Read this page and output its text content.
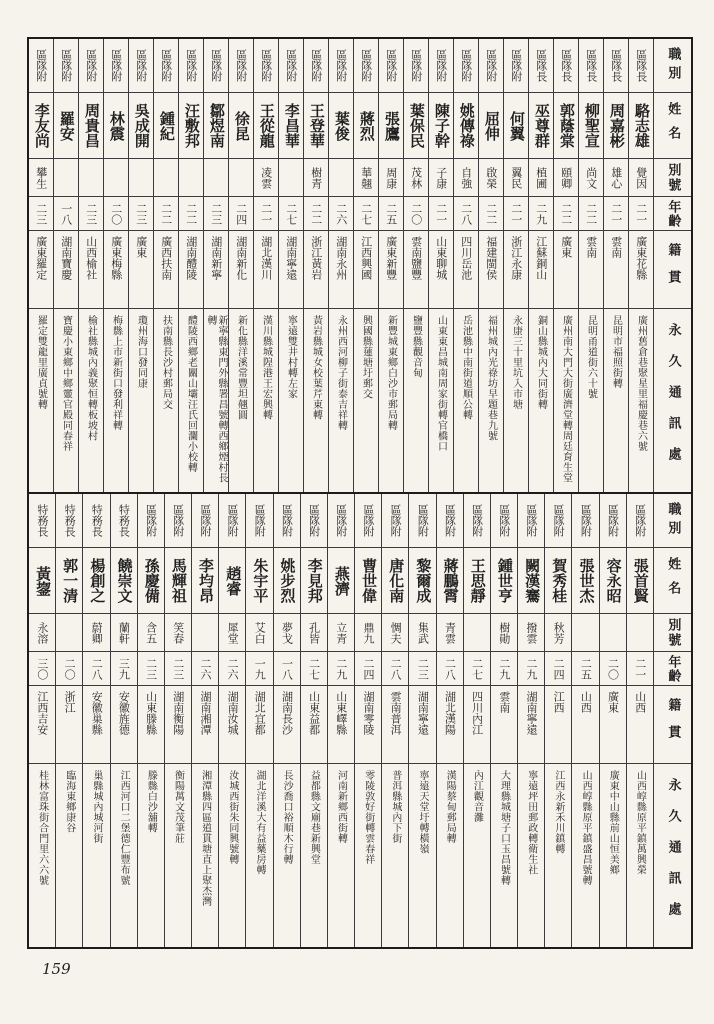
職別
姓名
別號
年齡
籍貫
永久通訊處
區隊長
駱志雄
覺因
二一
廣東花縣
廣州舊倉巷聚星里福慶巷六號
區隊長
周嘉彬
雄心
二一
雲南
昆明市福照街轉
區隊長
柳聖宣
尚文
二二
雲南
昆明甬道街六十號
區隊長
郭蔭棠
頤卿
二二
廣東
廣州南大門大街廣濟堂轉周廷育生堂
區隊長
巫尊群
植圃
二九
江蘇銅山
銅山縣城內大同街轉
區隊附
何翼
翼民
二一
浙江永康
永康三十里坑入市塘
區隊附
屈伸
啟榮
二二
福建閩侯
福州城內光祿坊早題巷九號
區隊附
姚傳祿
自強
二八
四川岳池
岳池縣中南街道順公轉
區隊附
陳子幹
子康
二一
山東聊城
山東東昌城南周家街轉官橋口
區隊附
葉保民
茂林
二〇
雲南鹽豐
鹽豐縣觀音甸
區隊附
張鷹
周康
二五
廣東新豐
新豐城東鄉白沙市郵局轉
區隊附
蔣烈
華翹
二七
江西興國
興國縣蓮塘圩郵交
區隊附
葉俊
二六
湖南永州
永州西河柳子街泰吉祥轉
區隊附
王登華
樹青
二二
浙江黃岩
黃岩縣城女校葉芹東轉
區隊附
李昌華
二七
湖南寧遠
寧遠雙井村轉左家
區隊附
王從龍
凌雲
二一
湖北漢川
漢川縣城隍港王宏興轉
區隊附
徐昆
二四
湖南新化
新化縣洋溪常豐坦翹圓
區隊附
鄒煜南
二三
湖南新寧
新寧縣東門外縣署昌號轉西鄉煙村長轉
區隊附
汪敷邦
二二
湖南醴陵
醴陵西鄉老關山壩汪氏回瀾小校轉
區隊附
鍾紀
二二
廣西扶南
扶南縣長沙村郵局交
區隊附
吳成開
二三
廣東
瓊州海口發同康
區隊附
林震
二〇
廣東梅縣
梅縣上市新街口發利祥轉
區隊附
周貴昌
二三
山西榆社
榆社縣城內義聚恒轉板坡村
區隊附
羅安
一八
湖南寶慶
寶慶小東鄉中鄉靈官殿同春祥
區隊附
李友尚
攀生
二三
廣東羅定
羅定雙龍里廣貞號轉
職別
姓名
別號
年齡
籍貫
永久通訊處
區隊附
張首賢
二一
山西
山西崞縣原平鎮萬興榮
區隊附
容永昭
二〇
廣東
廣東中山縣前山恒美鄉
區隊附
張世杰
二五
山西
山西崞縣原平鎮盛昌號轉
區隊附
賀秀桂
秋芳
二四
江西
江西永新禾川鎮轉
區隊附
闕漢騫
撥雲
二九
湖南寧遠
寧遠坪田郵政轉衛生社
區隊附
鍾世亨
樹勛
二九
雲南
大理縣城塘子口玉昌號轉
區隊附
王思靜
二七
四川內江
內江觀音灘
區隊附
蔣鵬霄
青雲
二八
湖北漢陽
漢陽蔡甸郵局轉
區隊附
黎爾成
集武
二三
湖南寧遠
寧遠天堂圩轉橫嶺
區隊附
唐化南
惆夫
二八
雲南普洱
普洱縣城內下街
區隊附
曹世偉
鼎九
二四
湖南零陵
零陵敦好街轉雲春祥
區隊附
燕濟
立青
二九
山東嶧縣
河南新鄉西街轉
區隊附
李見邦
孔皆
二七
山東益都
益都縣文廟巷新興堂
區隊附
姚步烈
夢戈
一八
湖南長沙
長沙喬口裕順木行轉
區隊附
朱宇平
艾白
一九
湖北宜都
湖北洋溪大有益藥房轉
區隊附
趙睿
犀堂
二六
湖南汝城
汝城西街朱同興號轉
區隊附
李均昂
二六
湖南湘潭
湘潭縣四區道貫塘直上聚杰灣
區隊附
馬輝祖
笑春
二三
湖南衡陽
衡陽萬文茂筆莊
區隊附
孫慶備
含五
二三
山東滕縣
滕縣白沙舖轉
特務長
饒崇文
蘭軒
三九
安徽旌德
江西河口二堡德仁豐布號
特務長
楊創之
蔚卿
二八
安徽巢縣
巢縣城內城河街
特務長
郭一清
二〇
浙江
臨海東鄉康谷
特務長
黃鋆
永溶
三〇
江西吉安
桂林富珠街合門里六六號
159
